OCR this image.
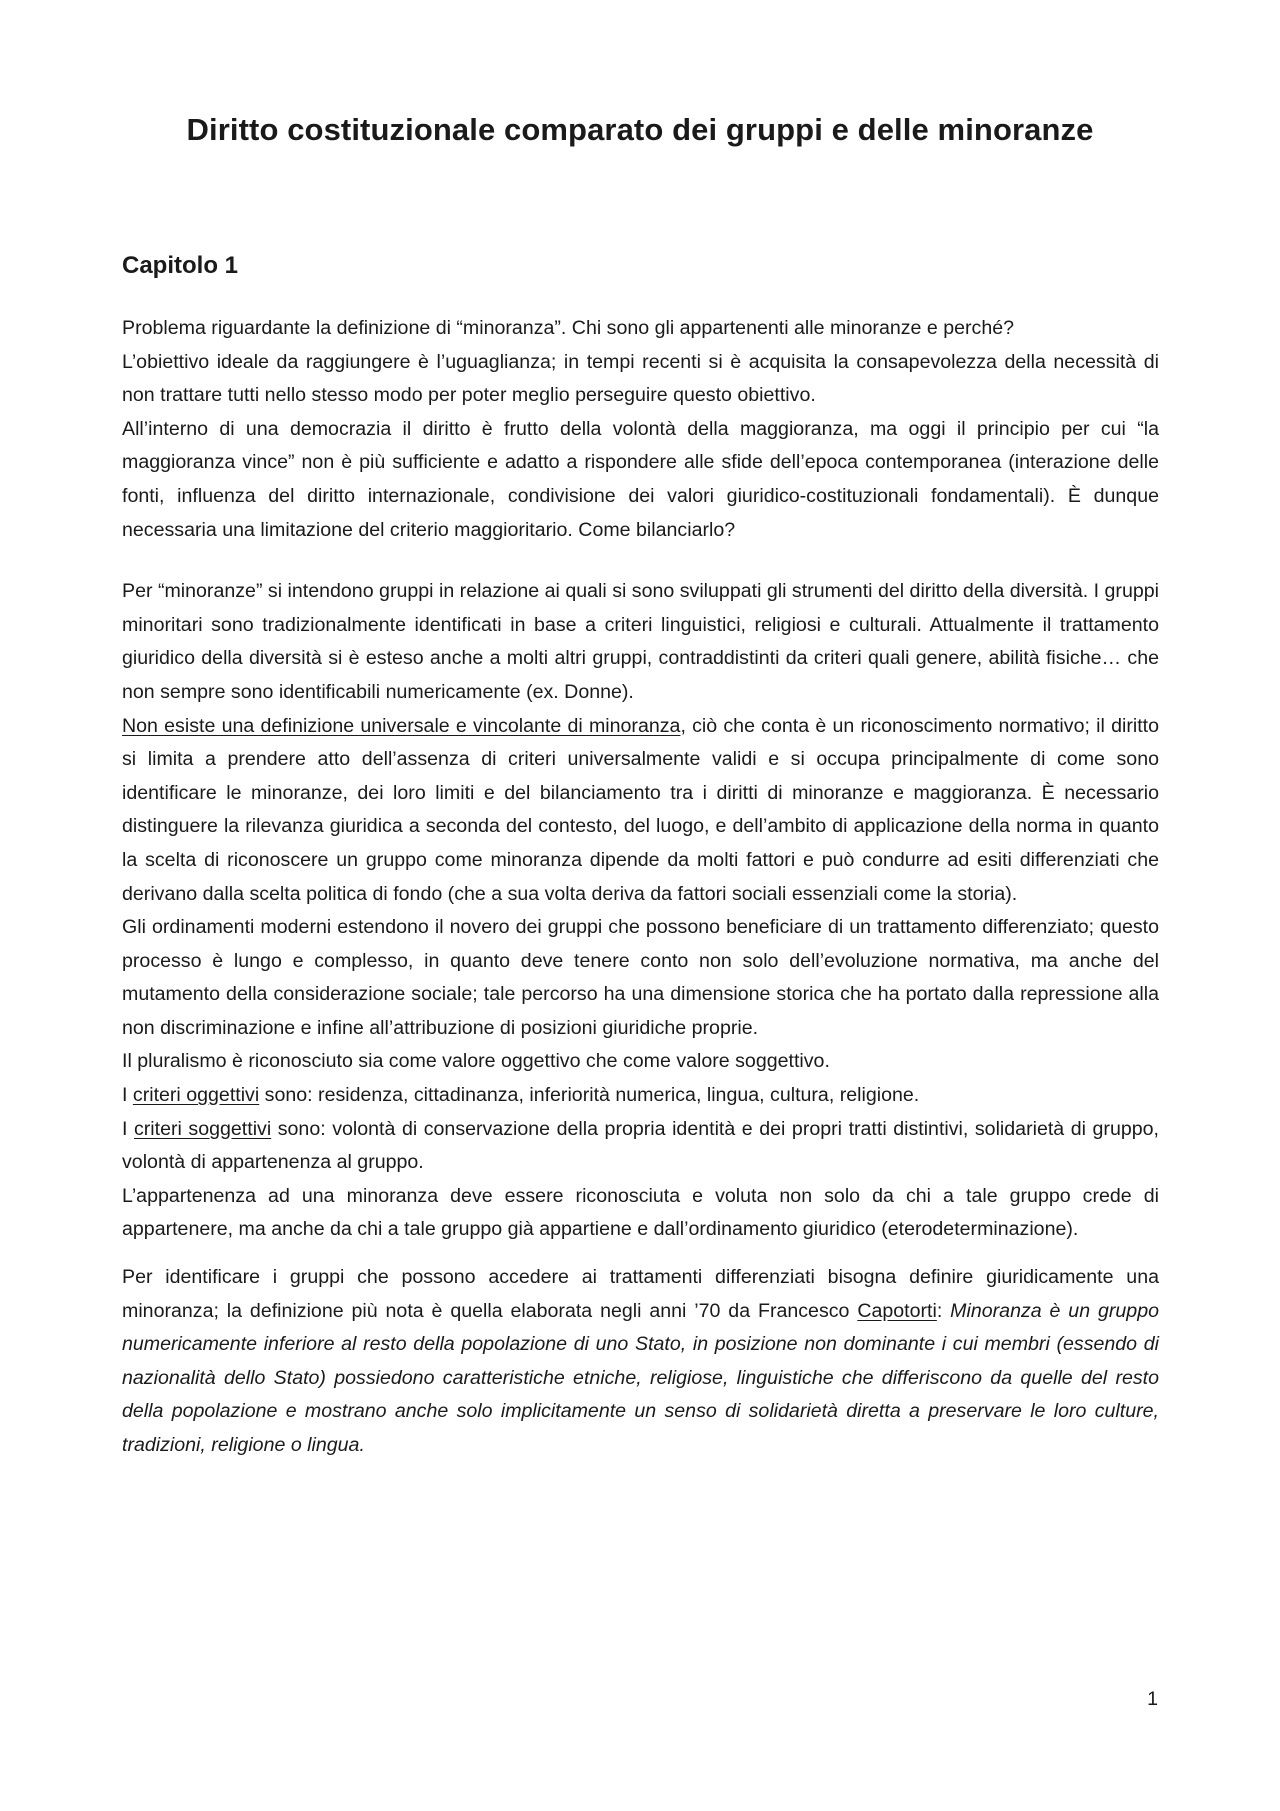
Diritto costituzionale comparato dei gruppi e delle minoranze
Capitolo 1

Problema riguardante la definizione di “minoranza”. Chi sono gli appartenenti alle minoranze e perché?

L’obiettivo ideale da raggiungere è l’uguaglianza; in tempi recenti si è acquisita la consapevolezza della necessità di non trattare tutti nello stesso modo per poter meglio perseguire questo obiettivo.

All’interno di una democrazia il diritto è frutto della volontà della maggioranza, ma oggi il principio per cui “la maggioranza vince” non è più sufficiente e adatto a rispondere alle sfide dell’epoca contemporanea (interazione delle fonti, influenza del diritto internazionale, condivisione dei valori giuridico-costituzionali fondamentali). È dunque necessaria una limitazione del criterio maggioritario. Come bilanciarlo?

Per “minoranze” si intendono gruppi in relazione ai quali si sono sviluppati gli strumenti del diritto della diversità. I gruppi minoritari sono tradizionalmente identificati in base a criteri linguistici, religiosi e culturali. Attualmente il trattamento giuridico della diversità si è esteso anche a molti altri gruppi, contraddistinti da criteri quali genere, abilità fisiche… che non sempre sono identificabili numericamente (ex. Donne).

Non esiste una definizione universale e vincolante di minoranza, ciò che conta è un riconoscimento normativo; il diritto si limita a prendere atto dell’assenza di criteri universalmente validi e si occupa principalmente di come sono identificare le minoranze, dei loro limiti e del bilanciamento tra i diritti di minoranze e maggioranza. È necessario distinguere la rilevanza giuridica a seconda del contesto, del luogo, e dell’ambito di applicazione della norma in quanto la scelta di riconoscere un gruppo come minoranza dipende da molti fattori e può condurre ad esiti differenziati che derivano dalla scelta politica di fondo (che a sua volta deriva da fattori sociali essenziali come la storia).

Gli ordinamenti moderni estendono il novero dei gruppi che possono beneficiare di un trattamento differenziato; questo processo è lungo e complesso, in quanto deve tenere conto non solo dell’evoluzione normativa, ma anche del mutamento della considerazione sociale; tale percorso ha una dimensione storica che ha portato dalla repressione alla non discriminazione e infine all’attribuzione di posizioni giuridiche proprie.

Il pluralismo è riconosciuto sia come valore oggettivo che come valore soggettivo.

I criteri oggettivi sono: residenza, cittadinanza, inferiorità numerica, lingua, cultura, religione.

I criteri soggettivi sono: volontà di conservazione della propria identità e dei propri tratti distintivi, solidarietà di gruppo, volontà di appartenenza al gruppo.

L’appartenenza ad una minoranza deve essere riconosciuta e voluta non solo da chi a tale gruppo crede di appartenere, ma anche da chi a tale gruppo già appartiene e dall’ordinamento giuridico (eterodeterminazione).

Per identificare i gruppi che possono accedere ai trattamenti differenziati bisogna definire giuridicamente una minoranza; la definizione più nota è quella elaborata negli anni ’70 da Francesco Capotorti: Minoranza è un gruppo numericamente inferiore al resto della popolazione di uno Stato, in posizione non dominante i cui membri (essendo di nazionalità dello Stato) possiedono caratteristiche etniche, religiose, linguistiche che differiscono da quelle del resto della popolazione e mostrano anche solo implicitamente un senso di solidarietà diretta a preservare le loro culture, tradizioni, religione o lingua.

1
